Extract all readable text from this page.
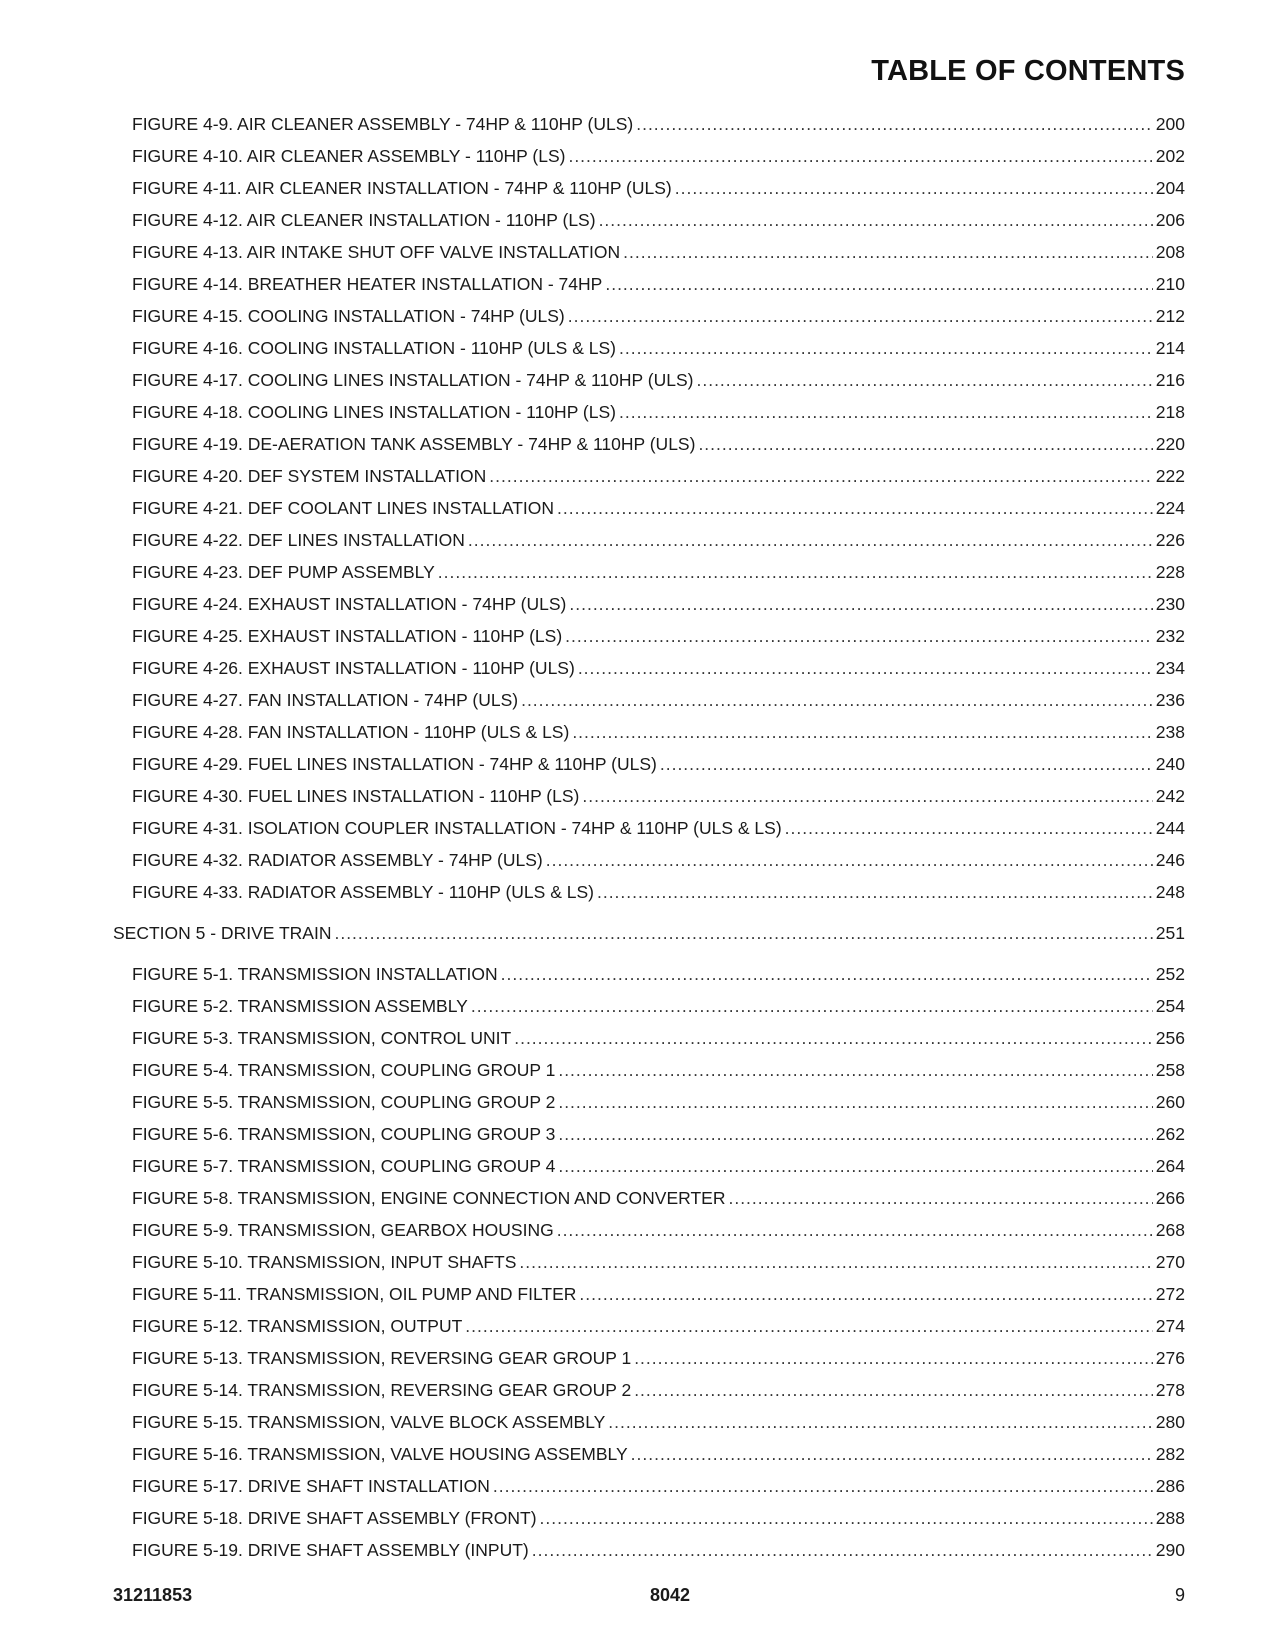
TABLE OF CONTENTS
FIGURE 4-9. AIR CLEANER ASSEMBLY - 74HP & 110HP (ULS) .....	200
FIGURE 4-10. AIR CLEANER ASSEMBLY - 110HP (LS) .....	202
FIGURE 4-11. AIR CLEANER INSTALLATION - 74HP & 110HP (ULS) .....	204
FIGURE 4-12. AIR CLEANER INSTALLATION - 110HP (LS) .....	206
FIGURE 4-13. AIR INTAKE SHUT OFF VALVE INSTALLATION .....	208
FIGURE 4-14. BREATHER HEATER INSTALLATION - 74HP .....	210
FIGURE 4-15. COOLING INSTALLATION - 74HP (ULS) .....	212
FIGURE 4-16. COOLING INSTALLATION - 110HP (ULS & LS) .....	214
FIGURE 4-17. COOLING LINES INSTALLATION - 74HP & 110HP (ULS) .....	216
FIGURE 4-18. COOLING LINES INSTALLATION - 110HP (LS) .....	218
FIGURE 4-19. DE-AERATION TANK ASSEMBLY - 74HP & 110HP (ULS) .....	220
FIGURE 4-20. DEF SYSTEM INSTALLATION .....	222
FIGURE 4-21. DEF COOLANT LINES INSTALLATION .....	224
FIGURE 4-22. DEF LINES INSTALLATION .....	226
FIGURE 4-23. DEF PUMP ASSEMBLY .....	228
FIGURE 4-24. EXHAUST INSTALLATION - 74HP (ULS) .....	230
FIGURE 4-25. EXHAUST INSTALLATION - 110HP (LS) .....	232
FIGURE 4-26. EXHAUST INSTALLATION - 110HP (ULS) .....	234
FIGURE 4-27. FAN INSTALLATION - 74HP (ULS) .....	236
FIGURE 4-28. FAN INSTALLATION - 110HP (ULS & LS) .....	238
FIGURE 4-29. FUEL LINES INSTALLATION - 74HP & 110HP (ULS) .....	240
FIGURE 4-30. FUEL LINES INSTALLATION - 110HP (LS) .....	242
FIGURE 4-31. ISOLATION COUPLER INSTALLATION - 74HP & 110HP (ULS & LS) .....	244
FIGURE 4-32. RADIATOR ASSEMBLY - 74HP (ULS) .....	246
FIGURE 4-33. RADIATOR ASSEMBLY - 110HP (ULS & LS) .....	248
SECTION 5 - DRIVE TRAIN .....	251
FIGURE 5-1. TRANSMISSION INSTALLATION .....	252
FIGURE 5-2. TRANSMISSION ASSEMBLY .....	254
FIGURE 5-3. TRANSMISSION, CONTROL UNIT .....	256
FIGURE 5-4. TRANSMISSION, COUPLING GROUP 1 .....	258
FIGURE 5-5. TRANSMISSION, COUPLING GROUP 2 .....	260
FIGURE 5-6. TRANSMISSION, COUPLING GROUP 3 .....	262
FIGURE 5-7. TRANSMISSION, COUPLING GROUP 4 .....	264
FIGURE 5-8. TRANSMISSION, ENGINE CONNECTION AND CONVERTER .....	266
FIGURE 5-9. TRANSMISSION, GEARBOX HOUSING .....	268
FIGURE 5-10. TRANSMISSION, INPUT SHAFTS .....	270
FIGURE 5-11. TRANSMISSION, OIL PUMP AND FILTER .....	272
FIGURE 5-12. TRANSMISSION, OUTPUT .....	274
FIGURE 5-13. TRANSMISSION, REVERSING GEAR GROUP 1 .....	276
FIGURE 5-14. TRANSMISSION, REVERSING GEAR GROUP 2 .....	278
FIGURE 5-15. TRANSMISSION, VALVE BLOCK ASSEMBLY .....	280
FIGURE 5-16. TRANSMISSION, VALVE HOUSING ASSEMBLY .....	282
FIGURE 5-17. DRIVE SHAFT INSTALLATION .....	286
FIGURE 5-18. DRIVE SHAFT ASSEMBLY (FRONT) .....	288
FIGURE 5-19. DRIVE SHAFT ASSEMBLY (INPUT) .....	290
31211853	8042	9
